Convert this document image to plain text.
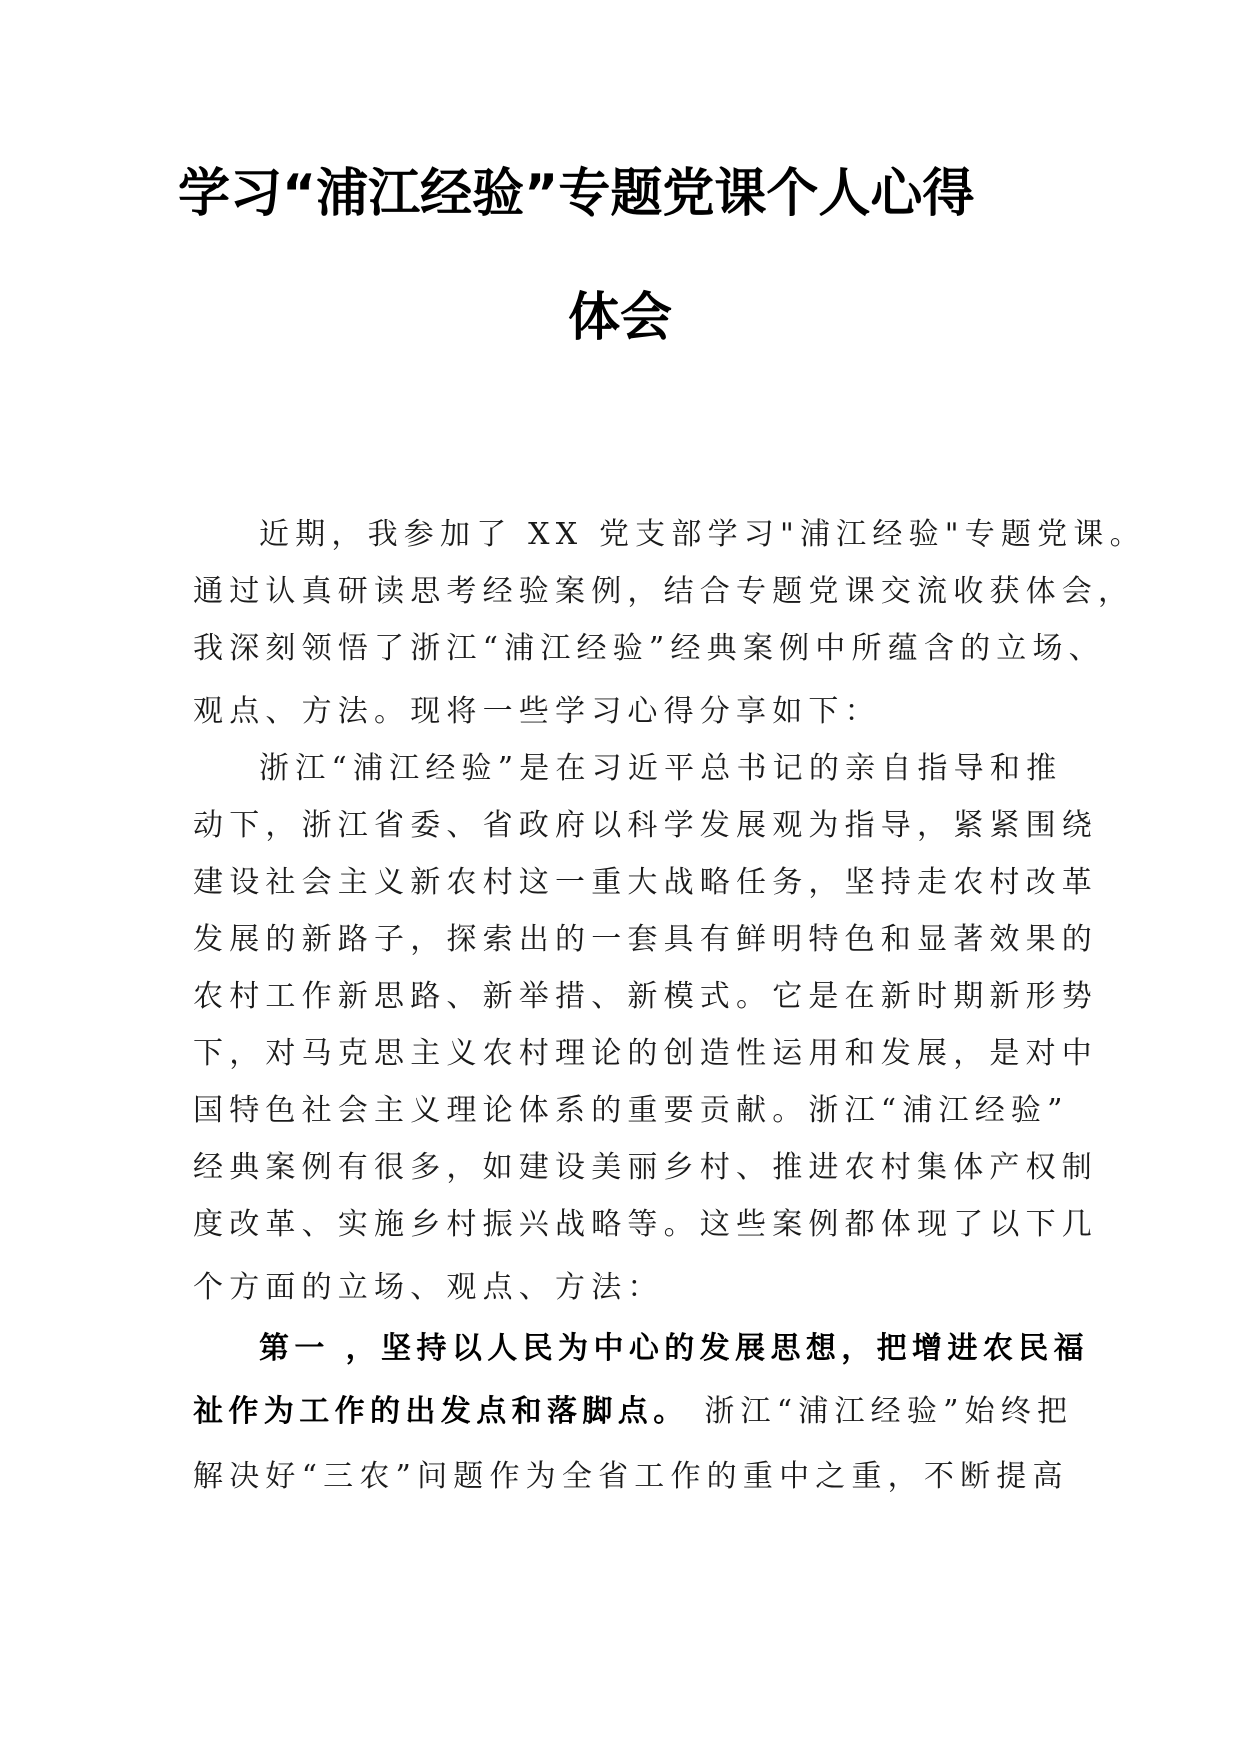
学习“浦江经验”专题党课个人心得
体会
近期，我参加了 XX 党支部学习"浦江经验"专题党课。
通过认真研读思考经验案例，结合专题党课交流收获体会，
我深刻领悟了浙江“浦江经验”经典案例中所蕴含的立场、
观点、方法。现将一些学习心得分享如下：
浙江“浦江经验”是在习近平总书记的亲自指导和推
动下，浙江省委、省政府以科学发展观为指导，紧紧围绕
建设社会主义新农村这一重大战略任务，坚持走农村改革
发展的新路子，探索出的一套具有鲜明特色和显著效果的
农村工作新思路、新举措、新模式。它是在新时期新形势
下，对马克思主义农村理论的创造性运用和发展，是对中
国特色社会主义理论体系的重要贡献。浙江“浦江经验”
经典案例有很多，如建设美丽乡村、推进农村集体产权制
度改革、实施乡村振兴战略等。这些案例都体现了以下几
个方面的立场、观点、方法：
第一 ，坚持以人民为中心的发展思想，把增进农民福
祉作为工作的出发点和落脚点。 浙江“浦江经验”始终把
解决好“三农”问题作为全省工作的重中之重，不断提高
